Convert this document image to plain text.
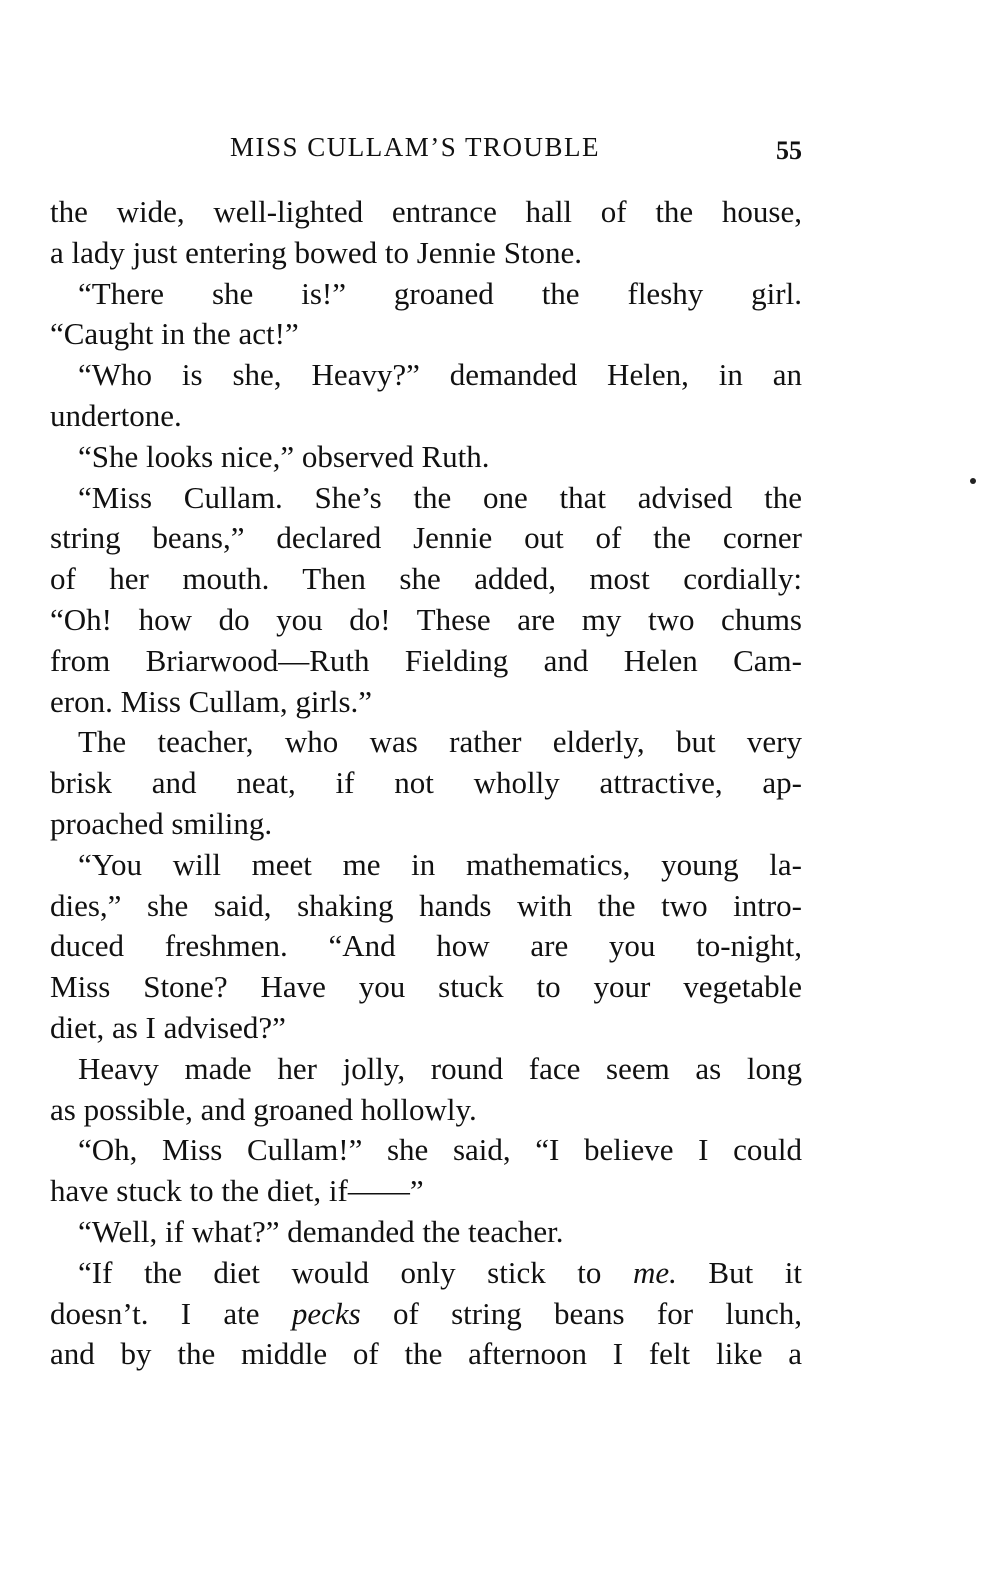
MISS CULLAM’S TROUBLE	55
the wide, well-lighted entrance hall of the house,
a lady just entering bowed to Jennie Stone.
“There she is!” groaned the fleshy girl.
“Caught in the act!”
“Who is she, Heavy?” demanded Helen, in an
undertone.
“She looks nice,” observed Ruth.
“Miss Cullam. She’s the one that advised the
string beans,” declared Jennie out of the corner
of her mouth. Then she added, most cordially:
“Oh! how do you do! These are my two chums
from Briarwood—Ruth Fielding and Helen Cam-
eron. Miss Cullam, girls.”
The teacher, who was rather elderly, but very
brisk and neat, if not wholly attractive, ap-
proached smiling.
“You will meet me in mathematics, young la-
dies,” she said, shaking hands with the two intro-
duced freshmen. “And how are you to-night,
Miss Stone? Have you stuck to your vegetable
diet, as I advised?”
Heavy made her jolly, round face seem as long
as possible, and groaned hollowly.
“Oh, Miss Cullam!” she said, “I believe I could
have stuck to the diet, if——”
“Well, if what?” demanded the teacher.
“If the diet would only stick to me. But it
doesn’t. I ate pecks of string beans for lunch,
and by the middle of the afternoon I felt like a
